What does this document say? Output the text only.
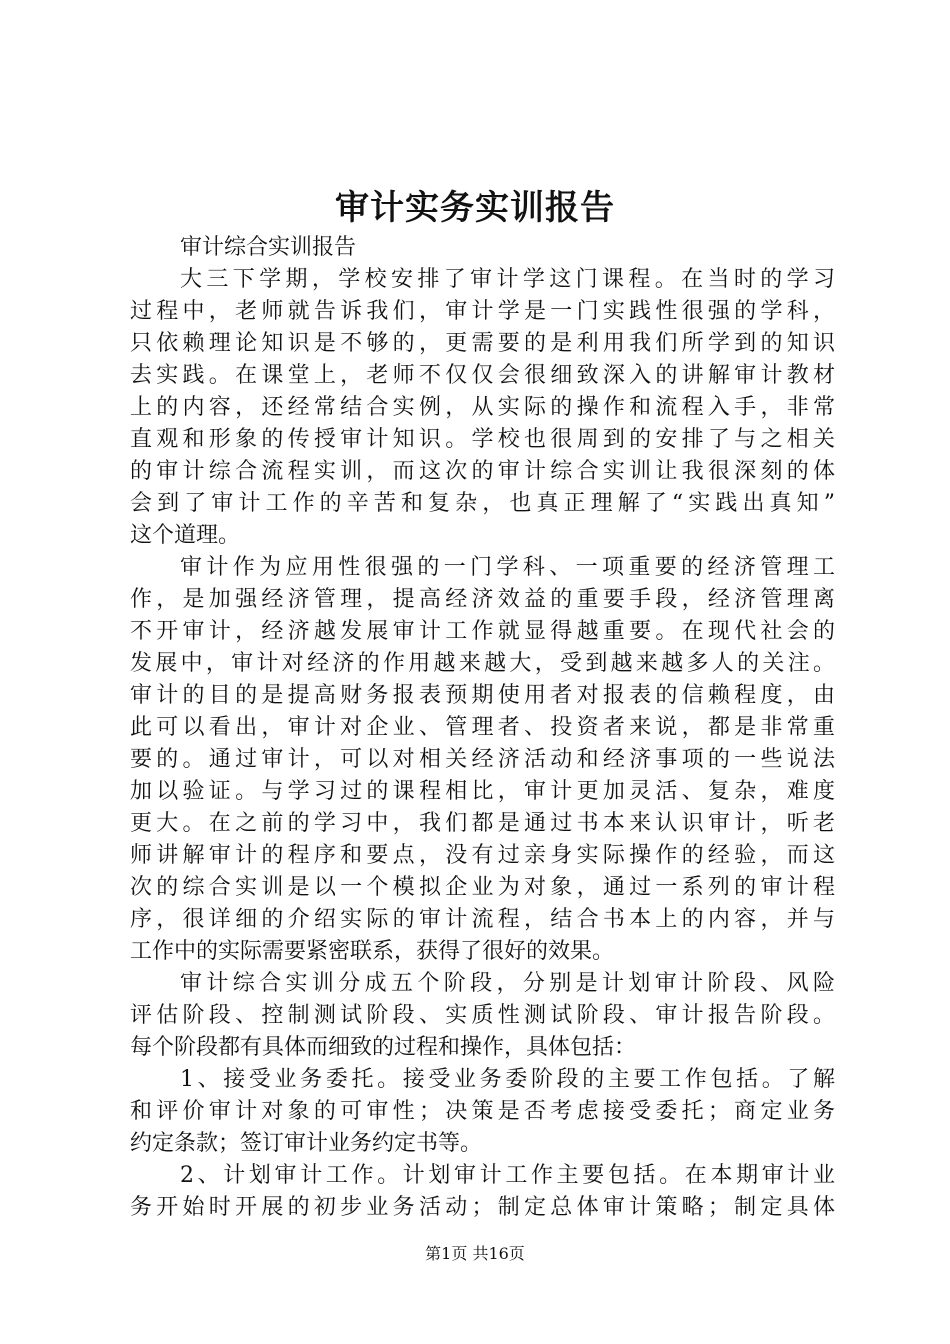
审计实务实训报告
审计综合实训报告
大三下学期，学校安排了审计学这门课程。在当时的学习
过程中，老师就告诉我们，审计学是一门实践性很强的学科，
只依赖理论知识是不够的，更需要的是利用我们所学到的知识
去实践。在课堂上，老师不仅仅会很细致深入的讲解审计教材
上的内容，还经常结合实例，从实际的操作和流程入手，非常
直观和形象的传授审计知识。学校也很周到的安排了与之相关
的审计综合流程实训，而这次的审计综合实训让我很深刻的体
会到了审计工作的辛苦和复杂，也真正理解了“实践出真知”
这个道理。
审计作为应用性很强的一门学科、一项重要的经济管理工
作，是加强经济管理，提高经济效益的重要手段，经济管理离
不开审计，经济越发展审计工作就显得越重要。在现代社会的
发展中，审计对经济的作用越来越大，受到越来越多人的关注。
审计的目的是提高财务报表预期使用者对报表的信赖程度，由
此可以看出，审计对企业、管理者、投资者来说，都是非常重
要的。通过审计，可以对相关经济活动和经济事项的一些说法
加以验证。与学习过的课程相比，审计更加灵活、复杂，难度
更大。在之前的学习中，我们都是通过书本来认识审计，听老
师讲解审计的程序和要点，没有过亲身实际操作的经验，而这
次的综合实训是以一个模拟企业为对象，通过一系列的审计程
序，很详细的介绍实际的审计流程，结合书本上的内容，并与
工作中的实际需要紧密联系，获得了很好的效果。
审计综合实训分成五个阶段，分别是计划审计阶段、风险
评估阶段、控制测试阶段、实质性测试阶段、审计报告阶段。
每个阶段都有具体而细致的过程和操作，具体包括：
1、接受业务委托。接受业务委阶段的主要工作包括。了解
和评价审计对象的可审性；决策是否考虑接受委托；商定业务
约定条款；签订审计业务约定书等。
2、计划审计工作。计划审计工作主要包括。在本期审计业
务开始时开展的初步业务活动；制定总体审计策略；制定具体
第1页 共16页
